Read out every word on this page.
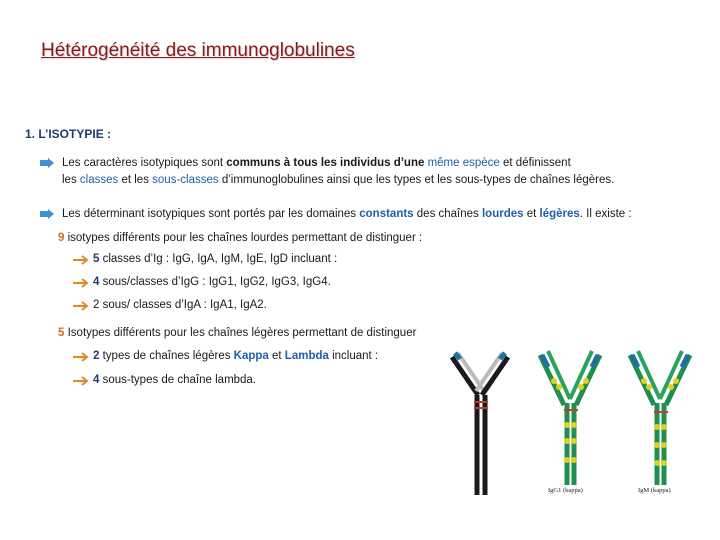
Hétérogénéité des immunoglobulines
1. L’ISOTYPIE :
Les caractères isotypiques sont communs à tous les individus d’une même espèce et définissent
les classes et les sous-classes d’immunoglobulines ainsi que les types et les sous-types de chaînes légères.
Les déterminant isotypiques sont portés par les domaines constants des chaînes lourdes et légères. Il existe :
9 isotypes différents pour les chaînes lourdes permettant de distinguer :
5 classes d’Ig : IgG, IgA, IgM, IgE, IgD incluant :
4 sous/classes d’IgG : IgG1, IgG2, IgG3, IgG4.
2 sous/ classes d’IgA : IgA1, IgA2.
5 Isotypes différents pour les chaînes légères permettant de distinguer
2 types de chaînes légères Kappa et Lambda incluant :
4 sous-types de chaîne lambda.
IgG1 (kappa)	IgM (kappa)
